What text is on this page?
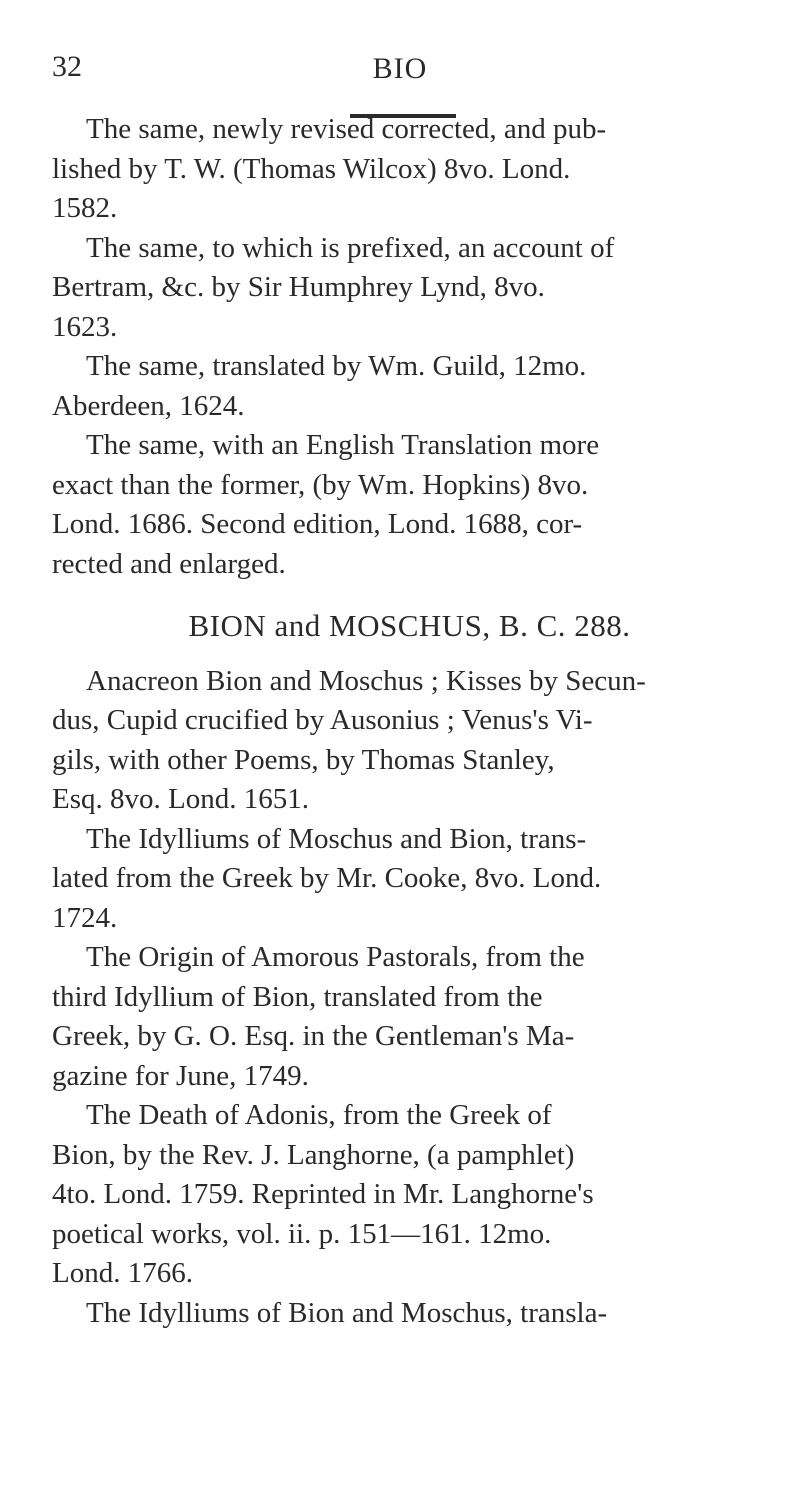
32	BIO

The same, newly revised corrected, and pub-
lished by T. W. (Thomas Wilcox) 8vo. Lond.
1582.

The same, to which is prefixed, an account of
Bertram, &c. by Sir Humphrey Lynd, 8vo.
1623.

The same, translated by Wm. Guild, 12mo.
Aberdeen, 1624.

The same, with an English Translation more
exact than the former, (by Wm. Hopkins) 8vo.
Lond. 1686. Second edition, Lond. 1688, cor-
rected and enlarged.

BION and MOSCHUS, B. C. 288.

Anacreon Bion and Moschus ; Kisses by Secun-
dus, Cupid crucified by Ausonius ; Venus's Vi-
gils, with other Poems, by Thomas Stanley,
Esq. 8vo. Lond. 1651.

The Idylliums of Moschus and Bion, trans-
lated from the Greek by Mr. Cooke, 8vo. Lond.
1724.

The Origin of Amorous Pastorals, from the
third Idyllium of Bion, translated from the
Greek, by G. O. Esq. in the Gentleman's Ma-
gazine for June, 1749.

The Death of Adonis, from the Greek of
Bion, by the Rev. J. Langhorne, (a pamphlet)
4to. Lond. 1759. Reprinted in Mr. Langhorne's
poetical works, vol. ii. p. 151—161. 12mo.
Lond. 1766.

The Idylliums of Bion and Moschus, transla-
